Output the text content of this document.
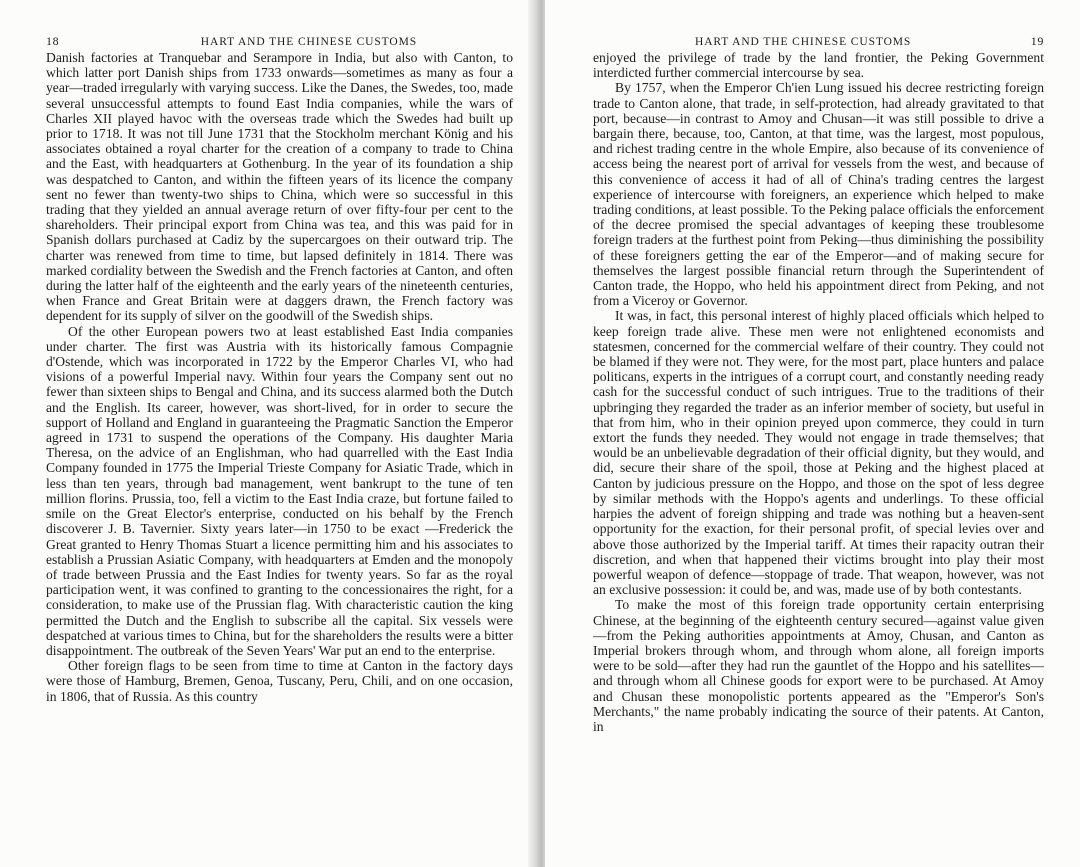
18	HART AND THE CHINESE CUSTOMS

Danish factories at Tranquebar and Serampore in India, but also with Canton, to which latter port Danish ships from 1733 onwards—sometimes as many as four a year—traded irregularly with varying success. Like the Danes, the Swedes, too, made several unsuccessful attempts to found East India companies, while the wars of Charles XII played havoc with the overseas trade which the Swedes had built up prior to 1718. It was not till June 1731 that the Stockholm merchant König and his associates obtained a royal charter for the creation of a company to trade to China and the East, with headquarters at Gothenburg. In the year of its foundation a ship was despatched to Canton, and within the fifteen years of its licence the company sent no fewer than twenty-two ships to China, which were so successful in this trading that they yielded an annual average return of over fifty-four per cent to the shareholders. Their principal export from China was tea, and this was paid for in Spanish dollars purchased at Cadiz by the supercargoes on their outward trip. The charter was renewed from time to time, but lapsed definitely in 1814. There was marked cordiality between the Swedish and the French factories at Canton, and often during the latter half of the eighteenth and the early years of the nineteenth centuries, when France and Great Britain were at daggers drawn, the French factory was dependent for its supply of silver on the goodwill of the Swedish ships.

Of the other European powers two at least established East India companies under charter. The first was Austria with its historically famous Compagnie d'Ostende, which was incorporated in 1722 by the Emperor Charles VI, who had visions of a powerful Imperial navy. Within four years the Company sent out no fewer than sixteen ships to Bengal and China, and its success alarmed both the Dutch and the English. Its career, however, was short-lived, for in order to secure the support of Holland and England in guaranteeing the Pragmatic Sanction the Emperor agreed in 1731 to suspend the operations of the Company. His daughter Maria Theresa, on the advice of an Englishman, who had quarrelled with the East India Company founded in 1775 the Imperial Trieste Company for Asiatic Trade, which in less than ten years, through bad management, went bankrupt to the tune of ten million florins. Prussia, too, fell a victim to the East India craze, but fortune failed to smile on the Great Elector's enterprise, conducted on his behalf by the French discoverer J. B. Tavernier. Sixty years later—in 1750 to be exact —Frederick the Great granted to Henry Thomas Stuart a licence permitting him and his associates to establish a Prussian Asiatic Company, with headquarters at Emden and the monopoly of trade between Prussia and the East Indies for twenty years. So far as the royal participation went, it was confined to granting to the concessionaires the right, for a consideration, to make use of the Prussian flag. With characteristic caution the king permitted the Dutch and the English to subscribe all the capital. Six vessels were despatched at various times to China, but for the shareholders the results were a bitter disappointment. The outbreak of the Seven Years' War put an end to the enterprise.

Other foreign flags to be seen from time to time at Canton in the factory days were those of Hamburg, Bremen, Genoa, Tuscany, Peru, Chili, and on one occasion, in 1806, that of Russia. As this country

HART AND THE CHINESE CUSTOMS	19

enjoyed the privilege of trade by the land frontier, the Peking Government interdicted further commercial intercourse by sea.

By 1757, when the Emperor Ch'ien Lung issued his decree restricting foreign trade to Canton alone, that trade, in self-protection, had already gravitated to that port, because—in contrast to Amoy and Chusan—it was still possible to drive a bargain there, because, too, Canton, at that time, was the largest, most populous, and richest trading centre in the whole Empire, also because of its convenience of access being the nearest port of arrival for vessels from the west, and because of this convenience of access it had of all of China's trading centres the largest experience of intercourse with foreigners, an experience which helped to make trading conditions, at least possible. To the Peking palace officials the enforcement of the decree promised the special advantages of keeping these troublesome foreign traders at the furthest point from Peking—thus diminishing the possibility of these foreigners getting the ear of the Emperor—and of making secure for themselves the largest possible financial return through the Superintendent of Canton trade, the Hoppo, who held his appointment direct from Peking, and not from a Viceroy or Governor.

It was, in fact, this personal interest of highly placed officials which helped to keep foreign trade alive. These men were not enlightened economists and statesmen, concerned for the commercial welfare of their country. They could not be blamed if they were not. They were, for the most part, place hunters and palace politicans, experts in the intrigues of a corrupt court, and constantly needing ready cash for the successful conduct of such intrigues. True to the traditions of their upbringing they regarded the trader as an inferior member of society, but useful in that from him, who in their opinion preyed upon commerce, they could in turn extort the funds they needed. They would not engage in trade themselves; that would be an unbelievable degradation of their official dignity, but they would, and did, secure their share of the spoil, those at Peking and the highest placed at Canton by judicious pressure on the Hoppo, and those on the spot of less degree by similar methods with the Hoppo's agents and underlings. To these official harpies the advent of foreign shipping and trade was nothing but a heaven-sent opportunity for the exaction, for their personal profit, of special levies over and above those authorized by the Imperial tariff. At times their rapacity outran their discretion, and when that happened their victims brought into play their most powerful weapon of defence—stoppage of trade. That weapon, however, was not an exclusive possession: it could be, and was, made use of by both contestants.

To make the most of this foreign trade opportunity certain enterprising Chinese, at the beginning of the eighteenth century secured—against value given—from the Peking authorities appointments at Amoy, Chusan, and Canton as Imperial brokers through whom, and through whom alone, all foreign imports were to be sold—after they had run the gauntlet of the Hoppo and his satellites—and through whom all Chinese goods for export were to be purchased. At Amoy and Chusan these monopolistic portents appeared as the "Emperor's Son's Merchants," the name probably indicating the source of their patents. At Canton, in
